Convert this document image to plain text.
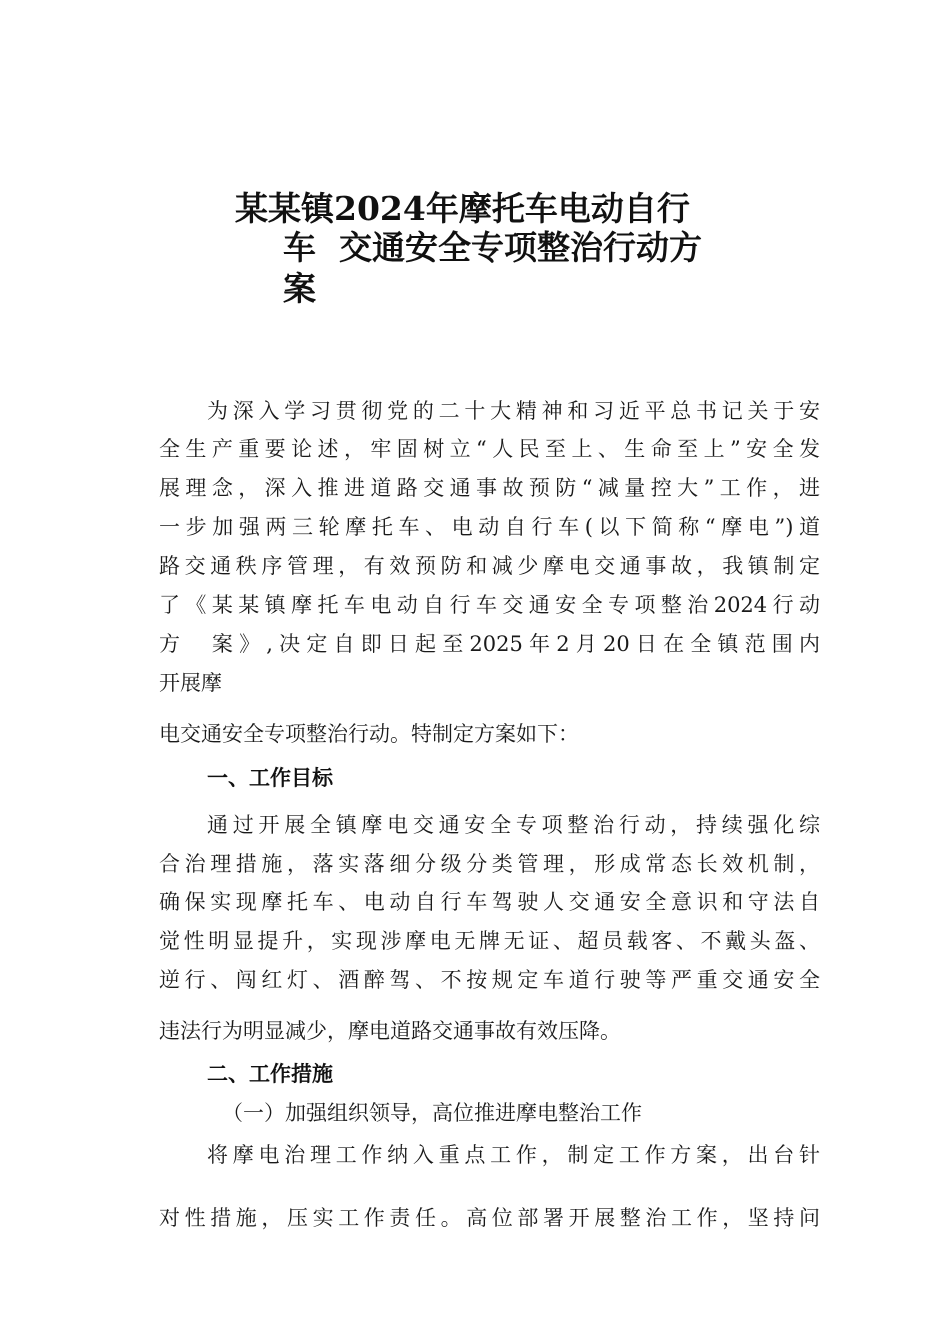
某某镇2024年摩托车电动自行
车  交通安全专项整治行动方
案
为深入学习贯彻党的二十大精神和习近平总书记关于安
全生产重要论述，牢固树立“人民至上、生命至上”安全发
展理念，深入推进道路交通事故预防“减量控大”工作，进
一步加强两三轮摩托车、电动自行车(以下简称“摩电”)道
路交通秩序管理，有效预防和减少摩电交通事故，我镇制定
了《某某镇摩托车电动自行车交通安全专项整治2024行动
方  案》,决定自即日起至2025年2月20日在全镇范围内
开展摩
电交通安全专项整治行动。特制定方案如下：
一、工作目标
通过开展全镇摩电交通安全专项整治行动，持续强化综
合治理措施，落实落细分级分类管理，形成常态长效机制，
确保实现摩托车、电动自行车驾驶人交通安全意识和守法自
觉性明显提升，实现涉摩电无牌无证、超员载客、不戴头盔、
逆行、闯红灯、酒醉驾、不按规定车道行驶等严重交通安全
违法行为明显减少，摩电道路交通事故有效压降。
二、工作措施
（一）加强组织领导，高位推进摩电整治工作
将摩电治理工作纳入重点工作，制定工作方案，出台针
对性措施，压实工作责任。高位部署开展整治工作，坚持问
